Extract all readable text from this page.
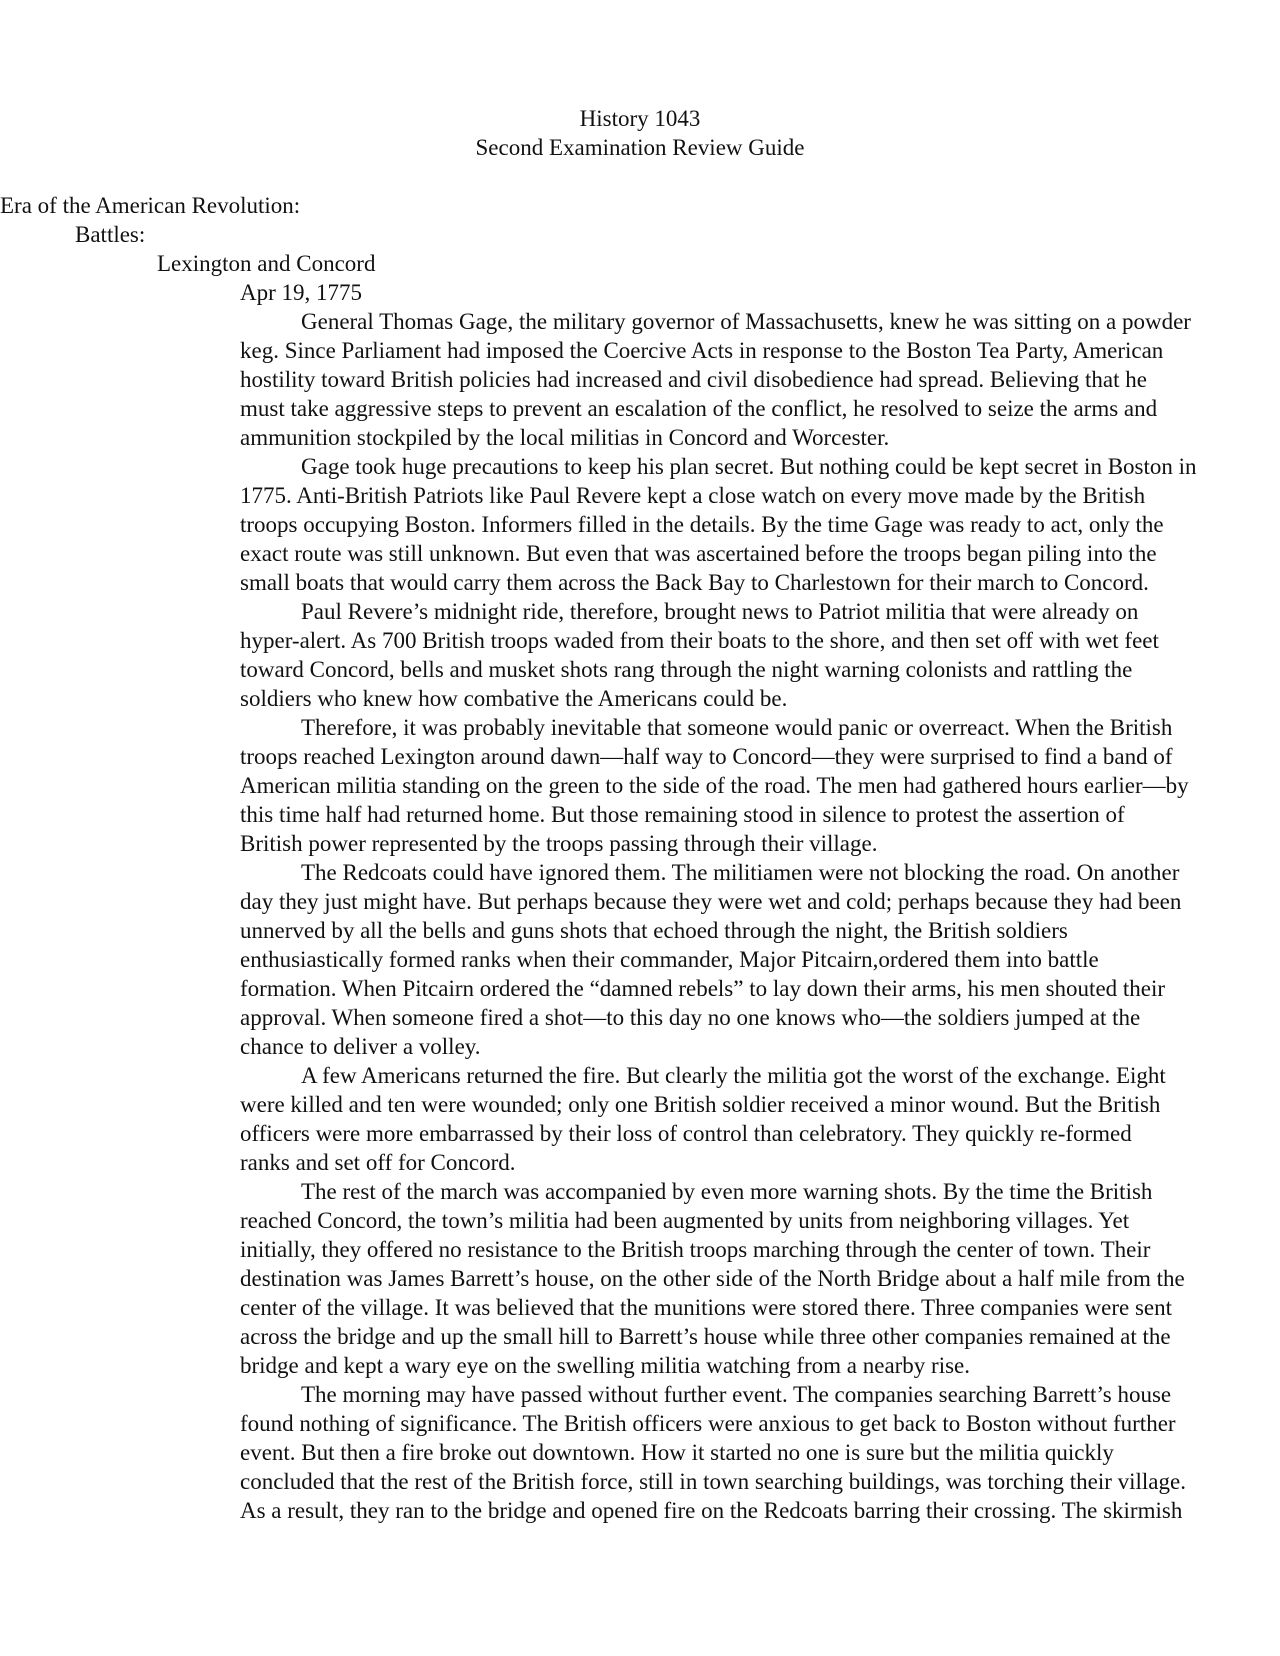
History 1043
Second Examination Review Guide
Era of the American Revolution:
Battles:
Lexington and Concord
Apr 19, 1775

General Thomas Gage, the military governor of Massachusetts, knew he was sitting on a powder
keg. Since Parliament had imposed the Coercive Acts in response to the Boston Tea Party, American
hostility toward British policies had increased and civil disobedience had spread. Believing that he
must take aggressive steps to prevent an escalation of the conflict, he resolved to seize the arms and
ammunition stockpiled by the local militias in Concord and Worcester.

Gage took huge precautions to keep his plan secret. But nothing could be kept secret in Boston in
1775. Anti-British Patriots like Paul Revere kept a close watch on every move made by the British
troops occupying Boston. Informers filled in the details. By the time Gage was ready to act, only the
exact route was still unknown. But even that was ascertained before the troops began piling into the
small boats that would carry them across the Back Bay to Charlestown for their march to Concord.

Paul Revere’s midnight ride, therefore, brought news to Patriot militia that were already on
hyper-alert. As 700 British troops waded from their boats to the shore, and then set off with wet feet
toward Concord, bells and musket shots rang through the night warning colonists and rattling the
soldiers who knew how combative the Americans could be.

Therefore, it was probably inevitable that someone would panic or overreact. When the British
troops reached Lexington around dawn—half way to Concord—they were surprised to find a band of
American militia standing on the green to the side of the road. The men had gathered hours earlier—by
this time half had returned home. But those remaining stood in silence to protest the assertion of
British power represented by the troops passing through their village.

The Redcoats could have ignored them. The militiamen were not blocking the road. On another
day they just might have. But perhaps because they were wet and cold; perhaps because they had been
unnerved by all the bells and guns shots that echoed through the night, the British soldiers
enthusiastically formed ranks when their commander, Major Pitcairn,ordered them into battle
formation. When Pitcairn ordered the “damned rebels” to lay down their arms, his men shouted their
approval. When someone fired a shot—to this day no one knows who—the soldiers jumped at the
chance to deliver a volley.

A few Americans returned the fire. But clearly the militia got the worst of the exchange. Eight
were killed and ten were wounded; only one British soldier received a minor wound. But the British
officers were more embarrassed by their loss of control than celebratory. They quickly re-formed
ranks and set off for Concord.

The rest of the march was accompanied by even more warning shots. By the time the British
reached Concord, the town’s militia had been augmented by units from neighboring villages. Yet
initially, they offered no resistance to the British troops marching through the center of town. Their
destination was James Barrett’s house, on the other side of the North Bridge about a half mile from the
center of the village. It was believed that the munitions were stored there. Three companies were sent
across the bridge and up the small hill to Barrett’s house while three other companies remained at the
bridge and kept a wary eye on the swelling militia watching from a nearby rise.

The morning may have passed without further event. The companies searching Barrett’s house
found nothing of significance. The British officers were anxious to get back to Boston without further
event. But then a fire broke out downtown. How it started no one is sure but the militia quickly
concluded that the rest of the British force, still in town searching buildings, was torching their village.
As a result, they ran to the bridge and opened fire on the Redcoats barring their crossing. The skirmish
